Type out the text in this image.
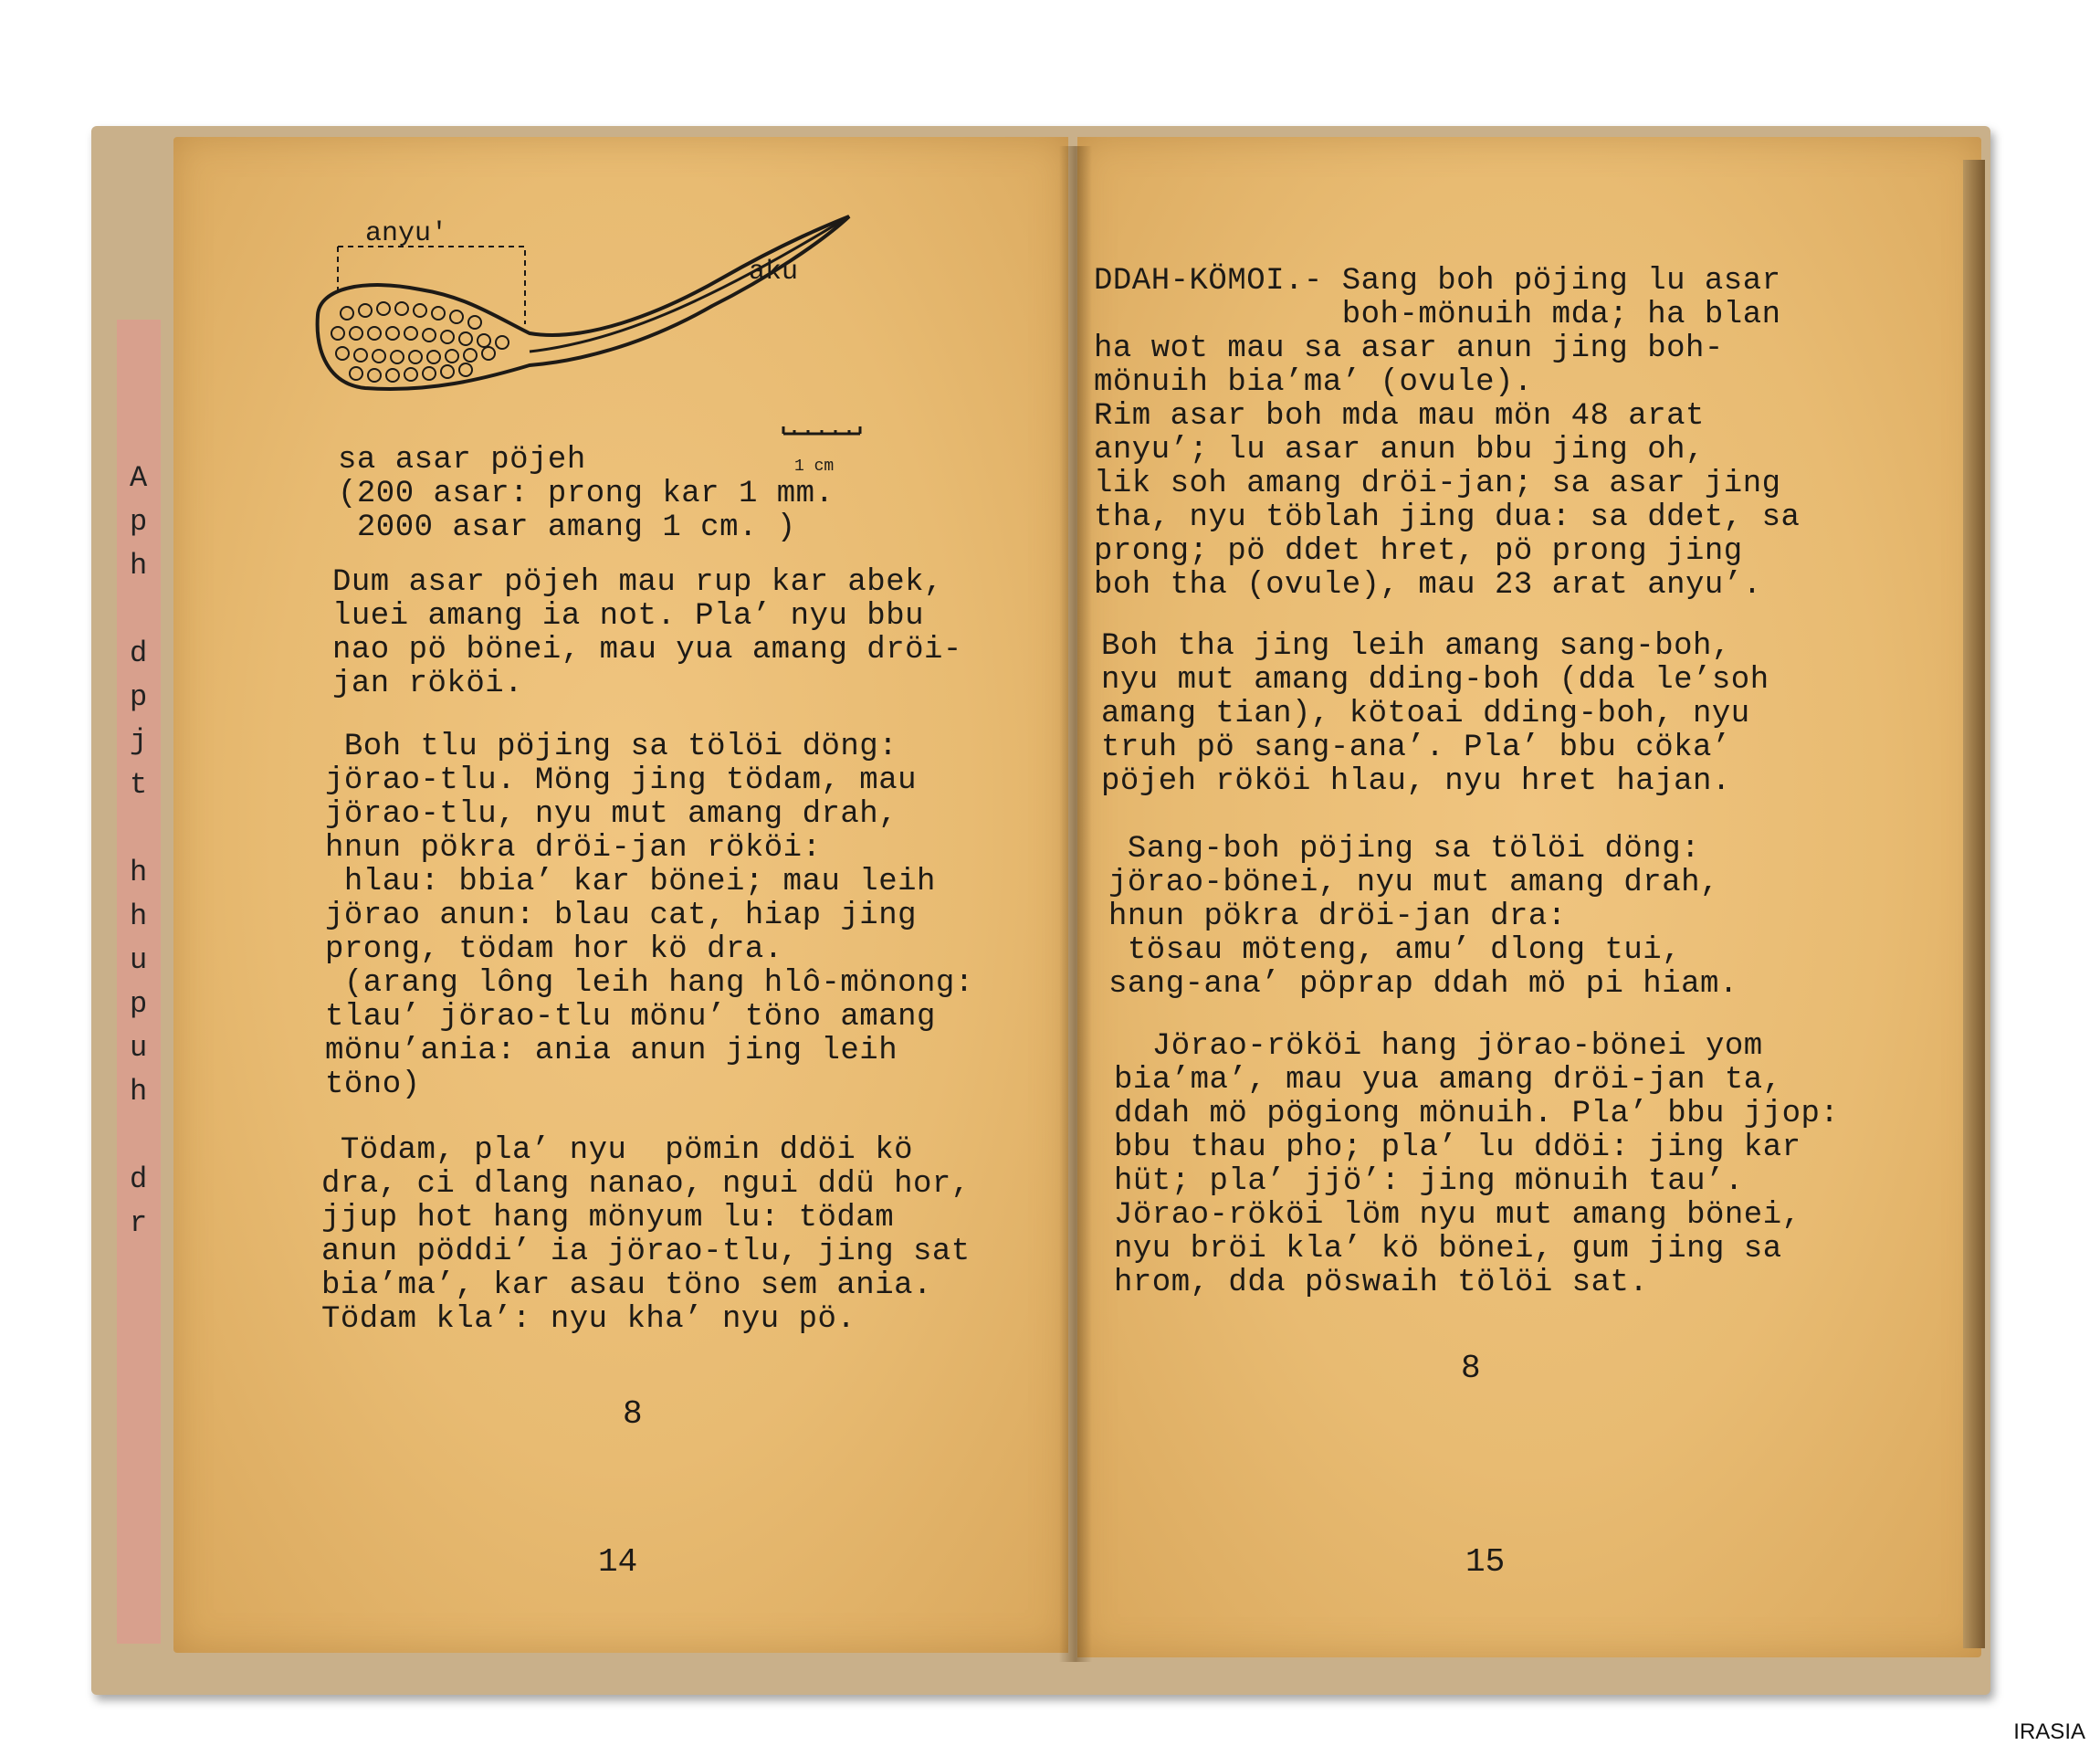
A
p
h
d
p
j
t
h
h
u
p
u
h
d
r
anyu'
aku
1 cm
sa asar pöjeh
(200 asar: prong kar 1 mm.
2000 asar amang 1 cm. )
Dum asar pöjeh mau rup kar abek,
luei amang ia not. Pla’ nyu bbu
nao pö bönei, mau yua amang dröi-
jan rököi.
Boh tlu pöjing sa tölöi döng:
jörao-tlu. Möng jing tödam, mau
jörao-tlu, nyu mut amang drah,
hnun pökra dröi-jan rököi:
hlau: bbia’ kar bönei; mau leih
jörao anun: blau cat, hiap jing
prong, tödam hor kö dra.
(arang lông leih hang hlô-mönong:
tlau’ jörao-tlu mönu’ töno amang
mönu’ania: ania anun jing leih
töno)
Tödam, pla’ nyu  pömin ddöi kö
dra, ci dlang nanao, ngui ddü hor,
jjup hot hang mönyum lu: tödam
anun pöddi’ ia jörao-tlu, jing sat
bia’ma’, kar asau töno sem ania.
Tödam kla’: nyu kha’ nyu pö.
8
14
DDAH-KÖMOI.- Sang boh pöjing lu asar
boh-mönuih mda; ha blan
ha wot mau sa asar anun jing boh-
mönuih bia’ma’ (ovule).
Rim asar boh mda mau mön 48 arat
anyu’; lu asar anun bbu jing oh,
lik soh amang dröi-jan; sa asar jing
tha, nyu töblah jing dua: sa ddet, sa
prong; pö ddet hret, pö prong jing
boh tha (ovule), mau 23 arat anyu’.
Boh tha jing leih amang sang-boh,
nyu mut amang dding-boh (dda le’soh
amang tian), kötoai dding-boh, nyu
truh pö sang-ana’. Pla’ bbu cöka’
pöjeh rököi hlau, nyu hret hajan.
Sang-boh pöjing sa tölöi döng:
jörao-bönei, nyu mut amang drah,
hnun pökra dröi-jan dra:
tösau möteng, amu’ dlong tui,
sang-ana’ pöprap ddah mö pi hiam.
Jörao-rököi hang jörao-bönei yom
bia’ma’, mau yua amang dröi-jan ta,
ddah mö pögiong mönuih. Pla’ bbu jjop:
bbu thau pho; pla’ lu ddöi: jing kar
hüt; pla’ jjö’: jing mönuih tau’.
Jörao-rököi löm nyu mut amang bönei,
nyu bröi kla’ kö bönei, gum jing sa
hrom, dda pöswaih tölöi sat.
8
15
IRASIA
